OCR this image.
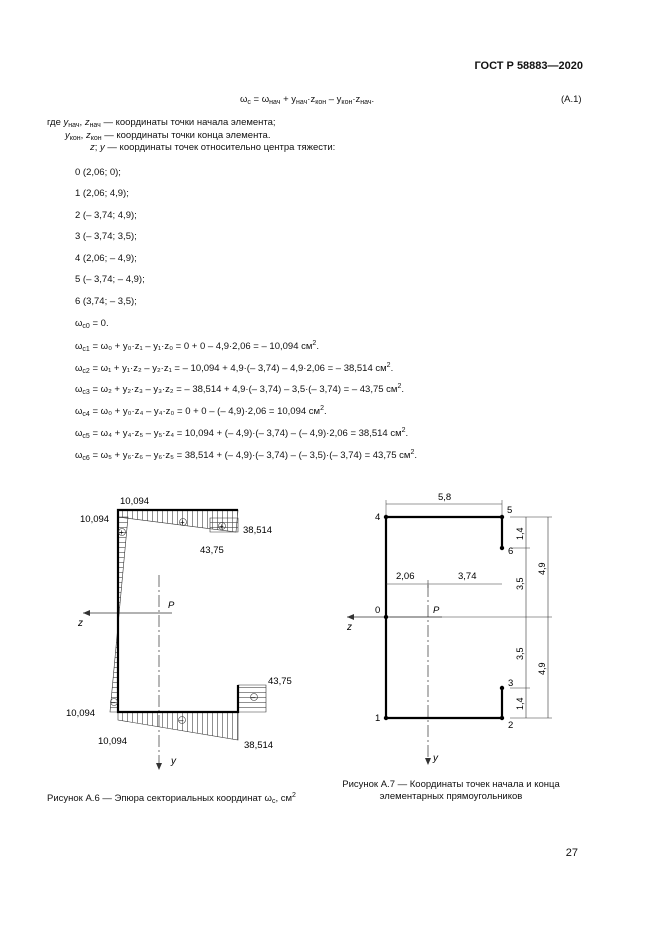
ГОСТ Р 58883—2020
$\omega_c = \omega_{нач} + y_{нач}\cdot z_{кон} - y_{кон}\cdot z_{нач}$.	(А.1)
где $y_{нач}$, $z_{нач}$ — координаты точки начала элемента;
$y_{кон}$, $z_{кон}$ — координаты точки конца элемента.
z; y — координаты точек относительно центра тяжести:
0 (2,06; 0);
1 (2,06; 4,9);
2 (– 3,74; 4,9);
3 (– 3,74; 3,5);
4 (2,06; – 4,9);
5 (– 3,74; – 4,9);
6 (3,74; – 3,5);
$\omega_{c0} = 0$.
$\omega_{c1} = \omega_0 + y_0\cdot z_1 - y_1\cdot z_0 = 0 + 0 - 4,9\cdot 2,06$ = – 10,094 $см^2$.
$\omega_{c2} = \omega_1 + y_1\cdot z_2 - y_2\cdot z_1$ = – 10,094 + 4,9·(– 3,74) – 4,9·2,06 = – 38,514 $см^2$.
$\omega_{c3} = \omega_2 + y_2\cdot z_3 - y_3\cdot z_2$ = – 38,514 + 4,9·(– 3,74) – 3,5·(– 3,74) = – 43,75 $см^2$.
$\omega_{c4} = \omega_0 + y_0\cdot z_4 - y_4\cdot z_0 = 0 + 0$ – (– 4,9)·2,06 = 10,094 $см^2$.
$\omega_{c5} = \omega_4 + y_4\cdot z_5 - y_5\cdot z_4 = 10,094$ + (– 4,9)·(– 3,74) – (– 4,9)·2,06 = 38,514 $см^2$.
$\omega_{c6} = \omega_5 + y_6\cdot z_6 - y_6\cdot z_5 = 38,514$ + (– 4,9)·(– 3,74) – (– 3,5)·(– 3,74) = 43,75 $см^2$.
+
+	+
–
–
–
10,094
10,094
38,514
43,75
P
z
43,75
10,094
10,094	38,514
y
Рисунок А.6 — Эпюра секториальных координат $\omega_c$, $см^2$
5,8
2,06	3,74
1,4
3,5
3,5
1,4
4,9
4,9
4
5
6
0	P
z
3
1
2
y
Рисунок А.7 — Координаты точек начала и конца
элементарных прямоугольников
27
